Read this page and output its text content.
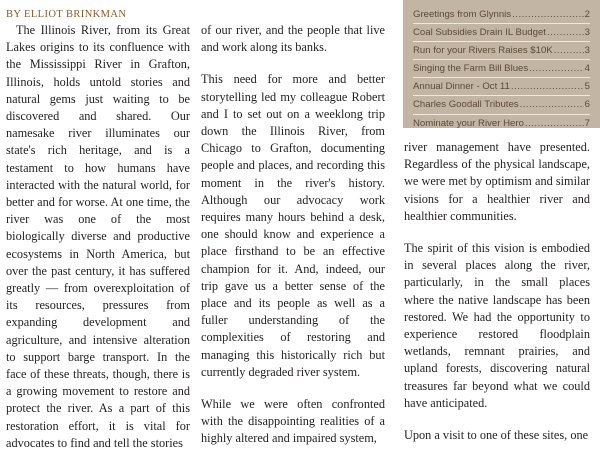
BY ELLIOT BRINKMAN

The Illinois River, from its Great Lakes origins to its confluence with the Mississippi River in Grafton, Illinois, holds untold stories and natural gems just waiting to be discovered and shared. Our namesake river illuminates our state's rich heritage, and is a testament to how humans have interacted with the natural world, for better and for worse. At one time, the river was one of the most biologically diverse and productive ecosystems in North America, but over the past century, it has suffered greatly — from overexploitation of its resources, pressures from expanding development and agriculture, and intensive alteration to support barge transport. In the face of these threats, though, there is a growing movement to restore and protect the river. As a part of this restoration effort, it is vital for advocates to find and tell the stories

of our river, and the people that live and work along its banks.

This need for more and better storytelling led my colleague Robert and I to set out on a weeklong trip down the Illinois River, from Chicago to Grafton, documenting people and places, and recording this moment in the river's history. Although our advocacy work requires many hours behind a desk, one should know and experience a place firsthand to be an effective champion for it. And, indeed, our trip gave us a better sense of the place and its people as well as a fuller understanding of the complexities of restoring and managing this historically rich but currently degraded river system.

While we were often confronted with the disappointing realities of a highly altered and impaired system,

Greetings from Glynnis .....	2
Coal Subsidies Drain IL Budget .....	3
Run for your Rivers Raises $10K .....	3
Singing the Farm Bill Blues .....	4
Annual Dinner - Oct 11 .....	5
Charles Goodall Tributes .....	6
Nominate your River Hero .....	7

river management have presented. Regardless of the physical landscape, we were met by optimism and similar visions for a healthier river and healthier communities.

The spirit of this vision is embodied in several places along the river, particularly, in the small places where the native landscape has been restored. We had the opportunity to experience restored floodplain wetlands, remnant prairies, and upland forests, discovering natural treasures far beyond what we could have anticipated.

Upon a visit to one of these sites, one
